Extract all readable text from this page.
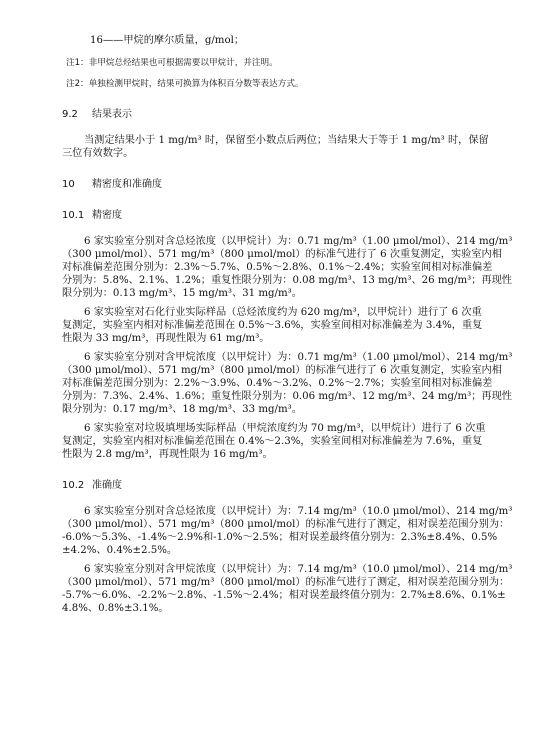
16——甲烷的摩尔质量，g/mol；
注1：非甲烷总烃结果也可根据需要以甲烷计，并注明。
注2：单独检测甲烷时，结果可换算为体积百分数等表达方式。
9.2 结果表示
当测定结果小于 1 mg/m³ 时，保留至小数点后两位；当结果大于等于 1 mg/m³ 时，保留
三位有效数字。
10 精密度和准确度
10.1 精密度
6 家实验室分别对含总烃浓度（以甲烷计）为：0.71 mg/m³（1.00 μmol/mol）、214 mg/m³
（300 μmol/mol）、571 mg/m³（800 μmol/mol）的标准气进行了 6 次重复测定，实验室内相
对标准偏差范围分别为：2.3%～5.7%、0.5%～2.8%、0.1%～2.4%；实验室间相对标准偏差
分别为：5.8%、2.1%、1.2%；重复性限分别为：0.08 mg/m³、13 mg/m³、26 mg/m³；再现性
限分别为：0.13 mg/m³、15 mg/m³、31 mg/m³。
6 家实验室对石化行业实际样品（总烃浓度约为 620 mg/m³，以甲烷计）进行了 6 次重
复测定，实验室内相对标准偏差范围在 0.5%～3.6%，实验室间相对标准偏差为 3.4%，重复
性限为 33 mg/m³，再现性限为 61 mg/m³。
6 家实验室分别对含甲烷浓度（以甲烷计）为：0.71 mg/m³（1.00 μmol/mol）、214 mg/m³
（300 μmol/mol）、571 mg/m³（800 μmol/mol）的标准气进行了 6 次重复测定，实验室内相
对标准偏差范围分别为：2.2%～3.9%、0.4%～3.2%、0.2%～2.7%；实验室间相对标准偏差
分别为：7.3%、2.4%、1.6%；重复性限分别为：0.06 mg/m³、12 mg/m³、24 mg/m³；再现性
限分别为：0.17 mg/m³、18 mg/m³、33 mg/m³。
6 家实验室对垃圾填埋场实际样品（甲烷浓度约为 70 mg/m³，以甲烷计）进行了 6 次重
复测定，实验室内相对标准偏差范围在 0.4%～2.3%，实验室间相对标准偏差为 7.6%，重复
性限为 2.8 mg/m³，再现性限为 16 mg/m³。
10.2 准确度
6 家实验室分别对含总烃浓度（以甲烷计）为：7.14 mg/m³（10.0 μmol/mol）、214 mg/m³
（300 μmol/mol）、571 mg/m³（800 μmol/mol）的标准气进行了测定，相对误差范围分别为：
-6.0%～5.3%、-1.4%～2.9%和-1.0%～2.5%；相对误差最终值分别为：2.3%±8.4%、0.5%
±4.2%、0.4%±2.5%。
6 家实验室分别对含甲烷浓度（以甲烷计）为：7.14 mg/m³（10.0 μmol/mol）、214 mg/m³
（300 μmol/mol）、571 mg/m³（800 μmol/mol）的标准气进行了测定，相对误差范围分别为：
-5.7%～6.0%、-2.2%～2.8%、-1.5%～2.4%；相对误差最终值分别为：2.7%±8.6%、0.1%±
4.8%、0.8%±3.1%。
